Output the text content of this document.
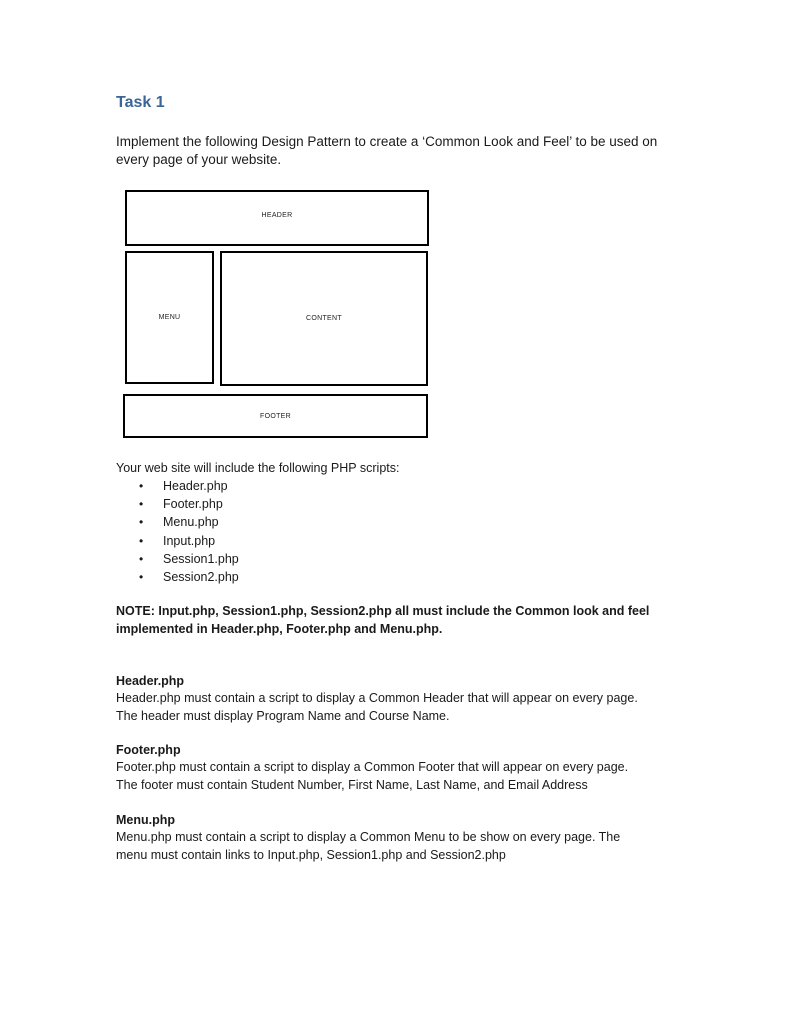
Task 1

Implement the following Design Pattern to create a ‘Common Look and Feel’ to be used on every page of your website.

HEADER
MENU	CONTENT
FOOTER

Your web site will include the following PHP scripts:

• Header.php
• Footer.php
• Menu.php
• Input.php
• Session1.php
• Session2.php

NOTE: Input.php, Session1.php, Session2.php all must include the Common look and feel implemented in Header.php, Footer.php and Menu.php.

Header.php

Header.php must contain a script to display a Common Header that will appear on every page.

The header must display Program Name and Course Name.

Footer.php

Footer.php must contain a script to display a Common Footer that will appear on every page.

The footer must contain Student Number, First Name, Last Name, and Email Address

Menu.php

Menu.php must contain a script to display a Common Menu to be show on every page. The

menu must contain links to Input.php, Session1.php and Session2.php
